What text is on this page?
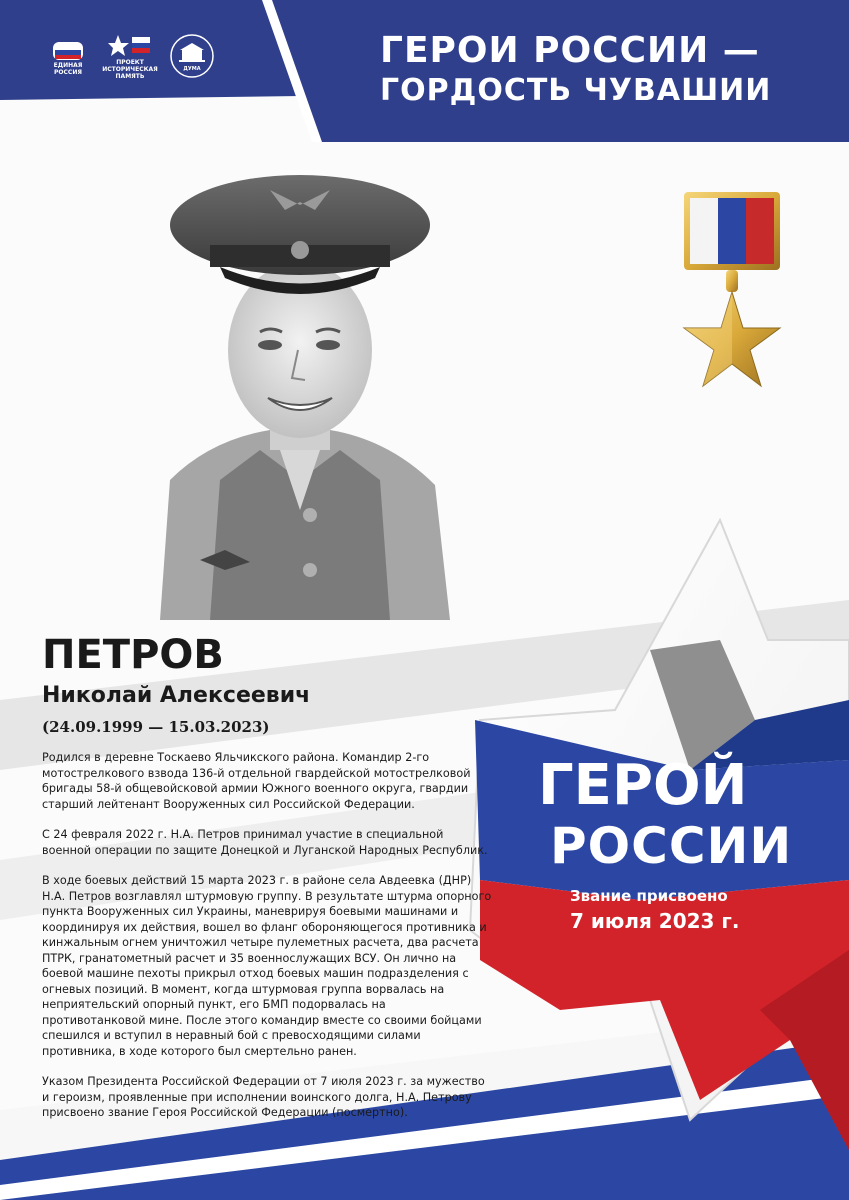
ЕДИНАЯ
РОССИЯ
ПРОЕКТ
ИСТОРИЧЕСКАЯ
ПАМЯТЬ
ДУМА	ГЕРОИ РОССИИ —
ГОРДОСТЬ ЧУВАШИИ
ПЕТРОВ
Николай Алексеевич
(24.09.1999 — 15.03.2023)

Родился в деревне Тоскаево Яльчикского района. Командир 2-го мотострелкового взвода 136-й отдельной гвардейской мотострелковой бригады 58-й общевойсковой армии Южного военного округа, гвардии старший лейтенант Вооруженных сил Российской Федерации.

С 24 февраля 2022 г. Н.А. Петров принимал участие в специальной военной операции по защите Донецкой и Луганской Народных Республик.

В ходе боевых действий 15 марта 2023 г. в районе села Авдеевка (ДНР) Н.А. Петров возглавлял штурмовую группу. В результате штурма опорного пункта Вооруженных сил Украины, маневрируя боевыми машинами и координируя их действия, вошел во фланг обороняющегося противника и кинжальным огнем уничтожил четыре пулеметных расчета, два расчета ПТРК, гранатометный расчет и 35 военнослужащих ВСУ. Он лично на боевой машине пехоты прикрыл отход боевых машин подразделения с огневых позиций. В момент, когда штурмовая группа ворвалась на неприятельский опорный пункт, его БМП подорвалась на противотанковой мине. После этого командир вместе со своими бойцами спешился и вступил в неравный бой с превосходящими силами противника, в ходе которого был смертельно ранен.

Указом Президента Российской Федерации от 7 июля 2023 г. за мужество и героизм, проявленные при исполнении воинского долга, Н.А. Петрову присвоено звание Героя Российской Федерации (посмертно).

ГЕРОЙ
РОССИИ
Звание присвоено
7 июля 2023 г.
